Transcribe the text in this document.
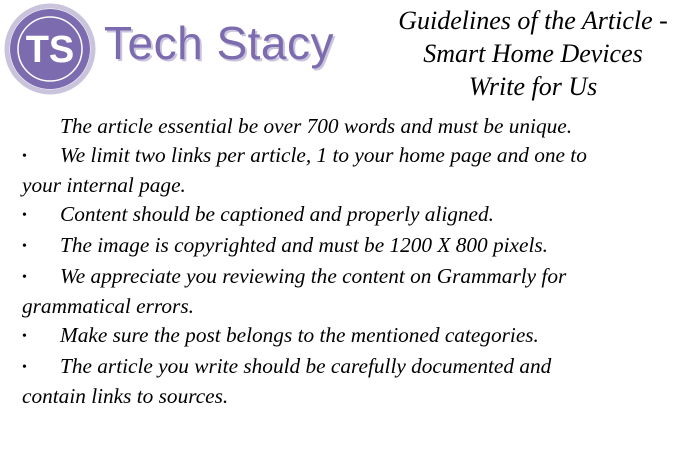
TS Tech Stacy	Guidelines of the Article -
Smart Home Devices
Write for Us

The article essential be over 700 words and must be unique.

• We limit two links per article, 1 to your home page and one to

your internal page.

• Content should be captioned and properly aligned.

• The image is copyrighted and must be 1200 X 800 pixels.

• We appreciate you reviewing the content on Grammarly for

grammatical errors.

• Make sure the post belongs to the mentioned categories.

• The article you write should be carefully documented and

contain links to sources.
